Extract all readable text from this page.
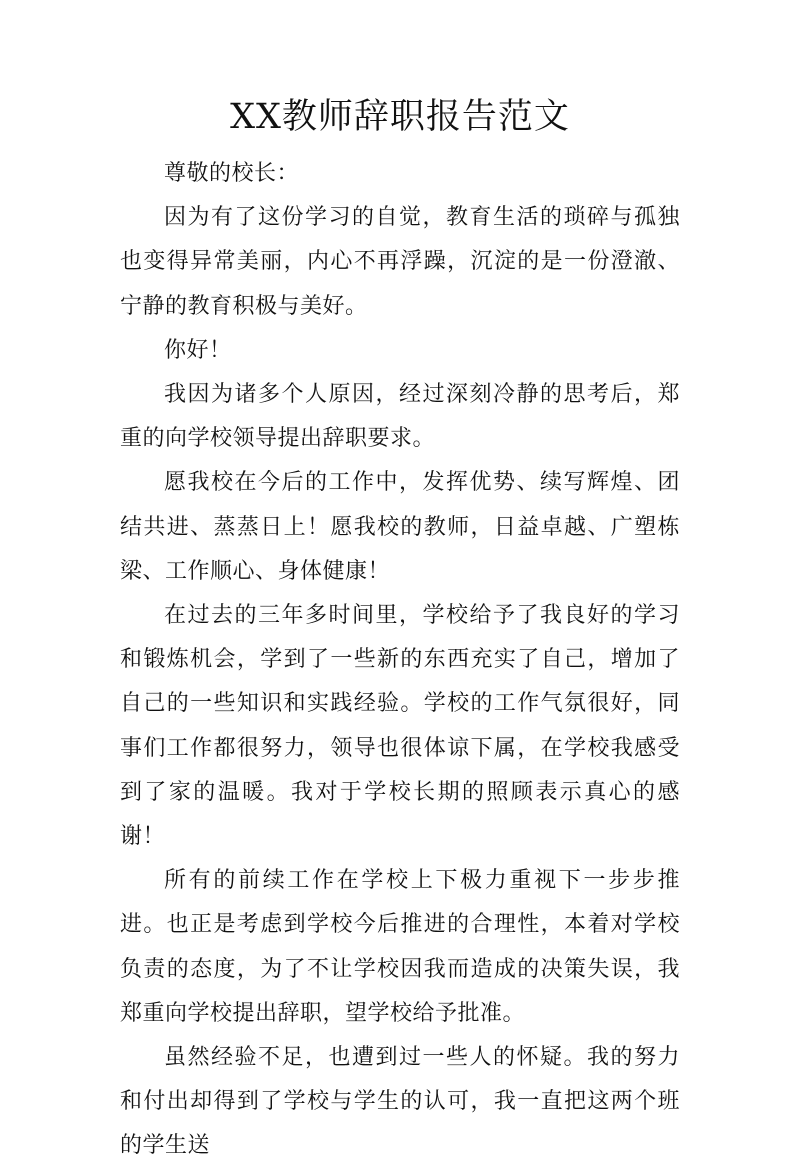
XX教师辞职报告范文

尊敬的校长：

因为有了这份学习的自觉，教育生活的琐碎与孤独也变得异常美丽，内心不再浮躁，沉淀的是一份澄澈、宁静的教育积极与美好。

你好！

我因为诸多个人原因，经过深刻冷静的思考后，郑重的向学校领导提出辞职要求。

愿我校在今后的工作中，发挥优势、续写辉煌、团结共进、蒸蒸日上！愿我校的教师，日益卓越、广塑栋梁、工作顺心、身体健康！

在过去的三年多时间里，学校给予了我良好的学习和锻炼机会，学到了一些新的东西充实了自己，增加了自己的一些知识和实践经验。学校的工作气氛很好，同事们工作都很努力，领导也很体谅下属，在学校我感受到了家的温暖。我对于学校长期的照顾表示真心的感谢！

所有的前续工作在学校上下极力重视下一步步推进。也正是考虑到学校今后推进的合理性，本着对学校负责的态度，为了不让学校因我而造成的决策失误，我郑重向学校提出辞职，望学校给予批准。

虽然经验不足，也遭到过一些人的怀疑。我的努力和付出却得到了学校与学生的认可，我一直把这两个班的学生送
